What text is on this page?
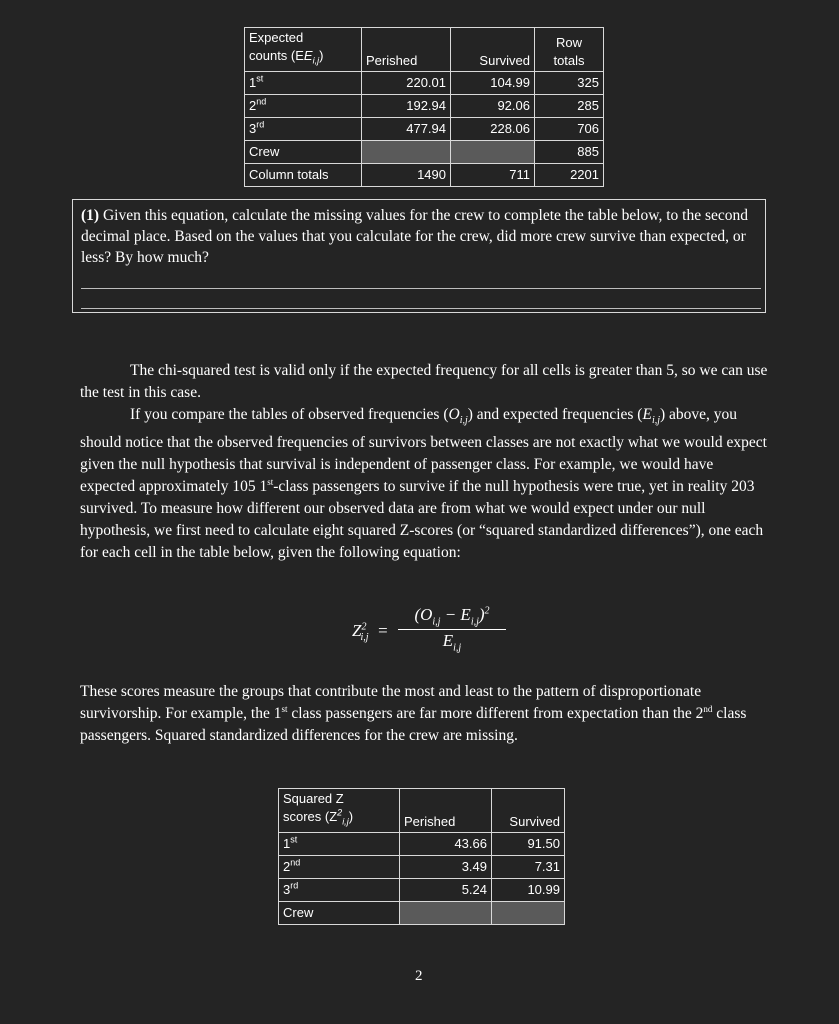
Expected
counts $(EE_{i,j})$	Perished	Survived	Row
totals
1st	220.01	104.99	325
2nd	192.94	92.06	285
3rd	477.94	228.06	706
Crew			885
Column totals	1490	711	2201

(1) Given this equation, calculate the missing values for the crew to complete the table below, to the second decimal place. Based on the values that you calculate for the crew, did more crew survive than expected, or less? By how much?

The chi-squared test is valid only if the expected frequency for all cells is greater than 5, so we can use the test in this case.

If you compare the tables of observed frequencies $(O_{i,j})$ and expected frequencies $(E_{i,j})$ above, you should notice that the observed frequencies of survivors between classes are not exactly what we would expect given the null hypothesis that survival is independent of passenger class. For example, we would have expected approximately 105 1st-class passengers to survive if the null hypothesis were true, yet in reality 203 survived. To measure how different our observed data are from what we would expect under our null hypothesis, we first need to calculate eight squared Z-scores (or “squared standardized differences”), one each for each cell in the table below, given the following equation:

$Z^2_{i,j}$  =
$(O_{i,j} - E_{i,j})^2$
$E_{i,j}$

These scores measure the groups that contribute the most and least to the pattern of disproportionate survivorship. For example, the 1st class passengers are far more different from expectation than the 2nd class passengers. Squared standardized differences for the crew are missing.

Squared Z
scores $(Z^2_{i,j})$	Perished	Survived
1st	43.66	91.50
2nd	3.49	7.31
3rd	5.24	10.99
Crew		
2
